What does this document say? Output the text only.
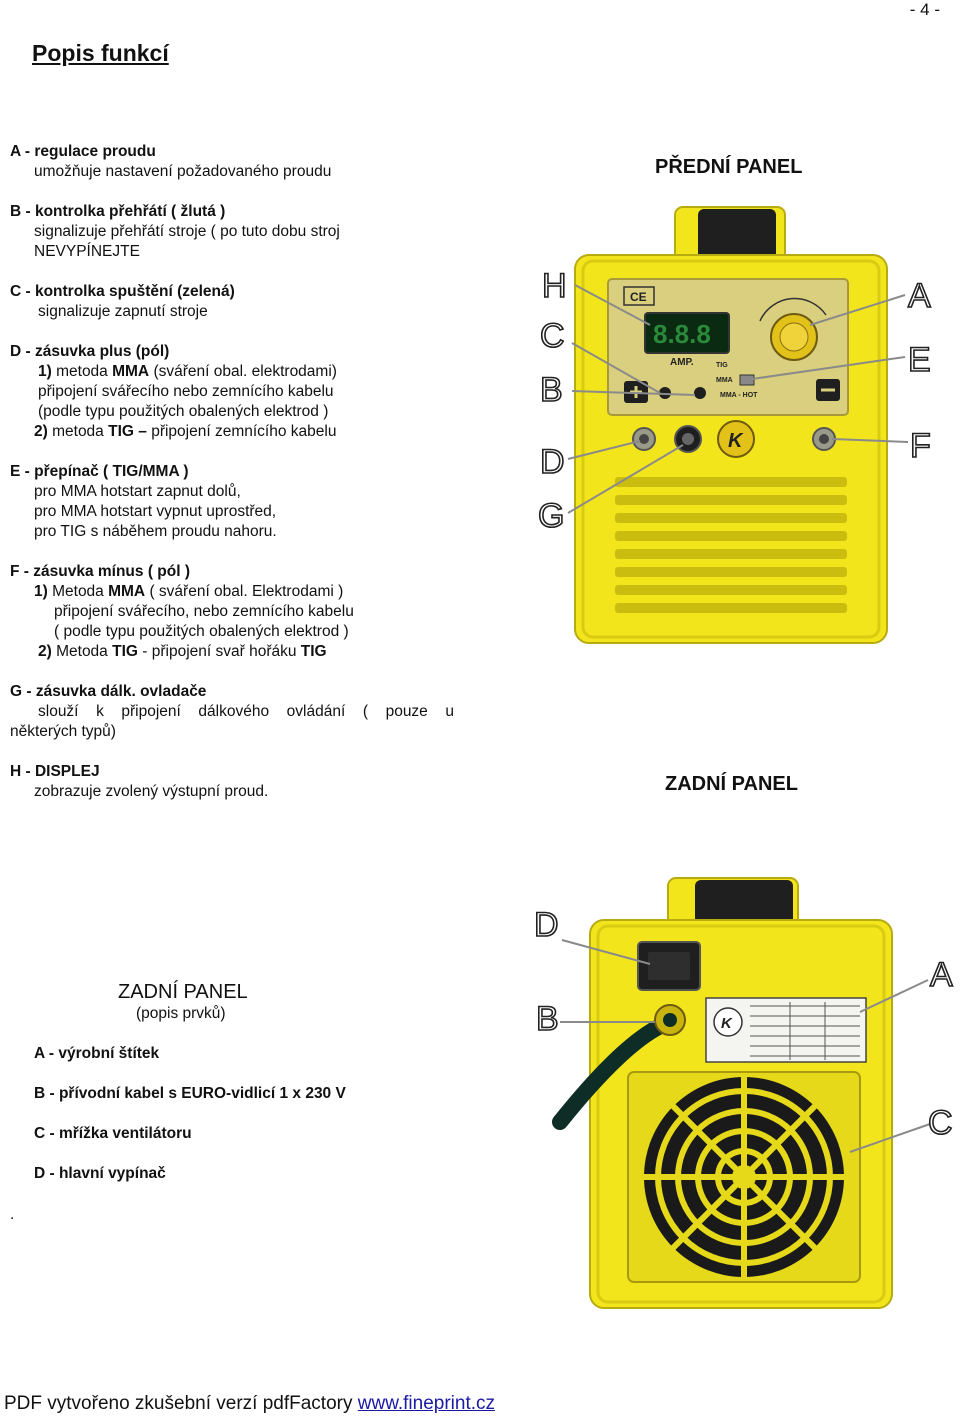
- 4 -
Popis funkcí
A - regulace proudu
umožňuje nastavení požadovaného proudu
B - kontrolka přehřátí ( žlutá )
signalizuje přehřátí stroje ( po tuto dobu stroj
NEVYPÍNEJTE
C - kontrolka spuštění (zelená)
signalizuje zapnutí stroje
D - zásuvka plus (pól)
1) metoda MMA (sváření obal. elektrodami)
připojení svářecího nebo zemnícího kabelu
(podle typu použitých obalených elektrod )
2) metoda TIG – připojení zemnícího kabelu
E - přepínač ( TIG/MMA )
pro MMA hotstart zapnut dolů,
pro MMA hotstart vypnut uprostřed,
pro TIG s náběhem proudu nahoru.
F - zásuvka mínus ( pól )
1) Metoda MMA ( sváření obal. Elektrodami )
připojení svářecího, nebo zemnícího kabelu
( podle typu použitých obalených elektrod )
2) Metoda TIG - připojení svař hořáku TIG
G - zásuvka dálk. ovladače
slouží k připojení dálkového ovládání ( pouze u
některých typů)
H - DISPLEJ
zobrazuje zvolený výstupní proud.
PŘEDNÍ PANEL
ZADNÍ PANEL
ZADNÍ PANEL
(popis prvků)
A - výrobní štítek
B - přívodní kabel s EURO-vidlicí 1 x 230 V
C - mřížka ventilátoru
D - hlavní vypínač
.
CE
8.8.8
AMP.	TIG
MMA
MMA - HOT
K
H
C
B
D
G
A
E
F
K
D
B
A
C
PDF vytvořeno zkušební verzí pdfFactory www.fineprint.cz
